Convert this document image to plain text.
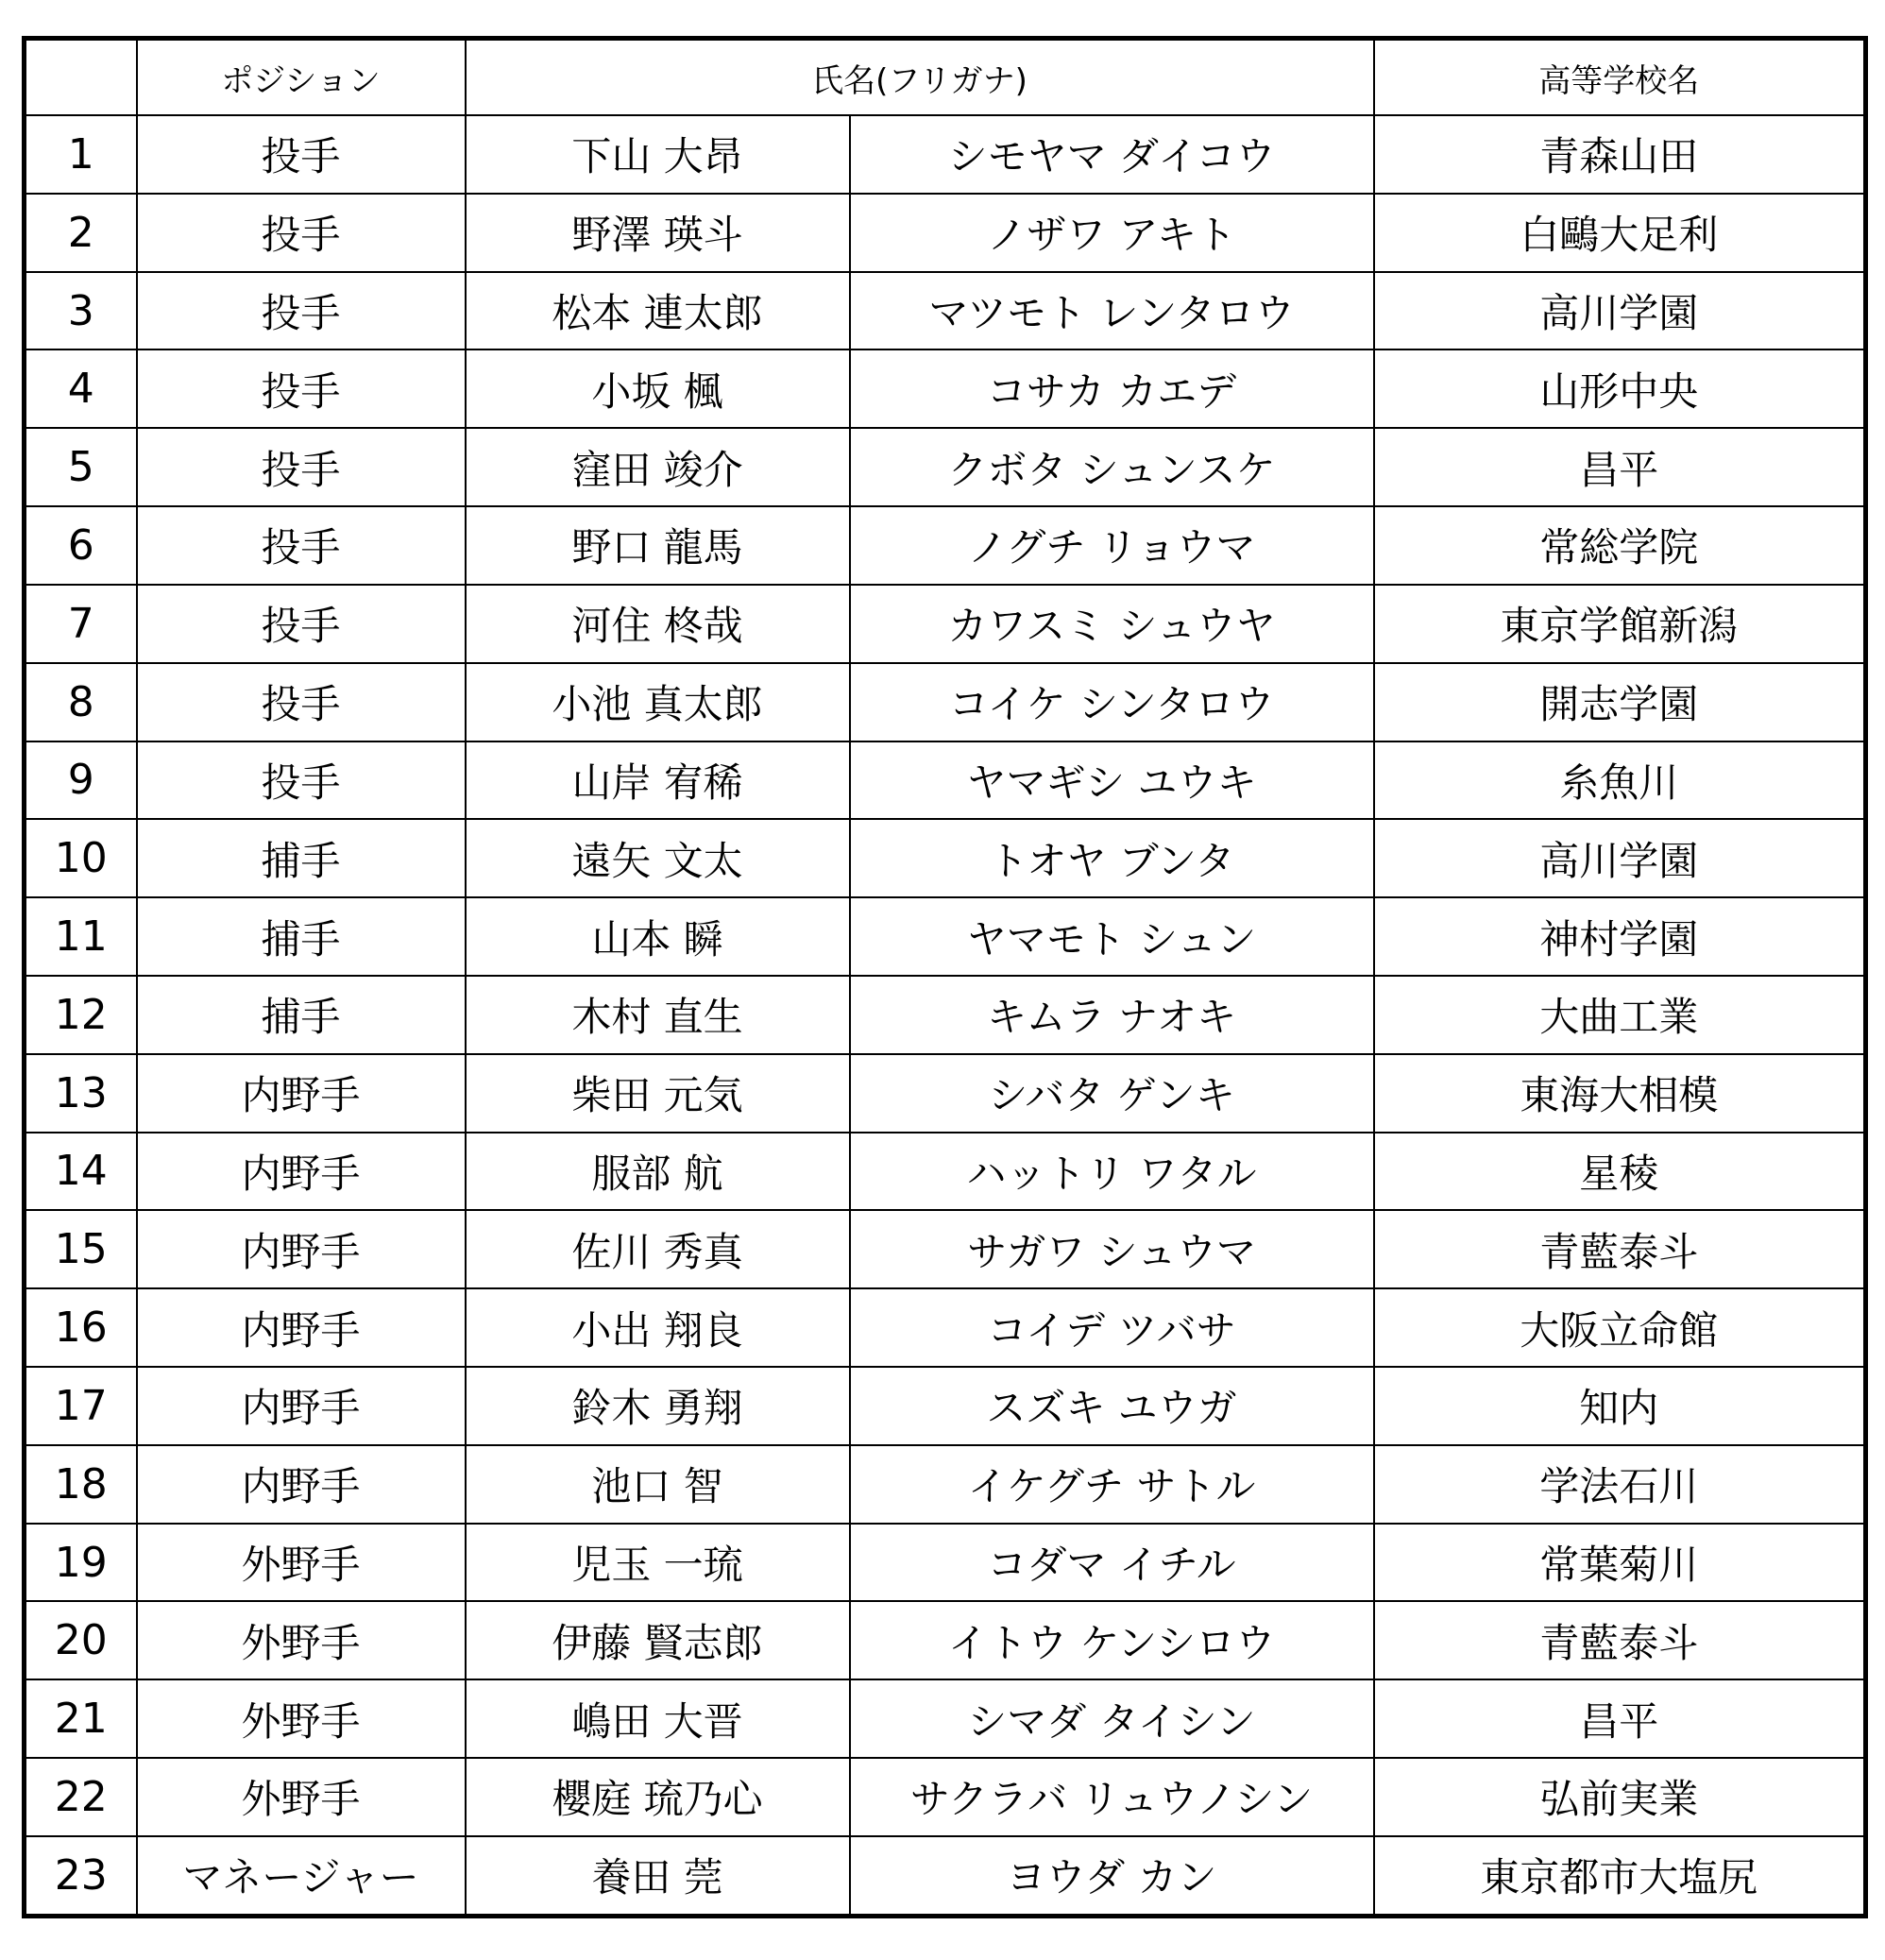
	ポジション	氏名(フリガナ)		高等学校名
1	投手	下山 大昂	シモヤマ ダイコウ	青森山田
2	投手	野澤 瑛斗	ノザワ アキト	白鷗大足利
3	投手	松本 連太郎	マツモト レンタロウ	高川学園
4	投手	小坂 楓	コサカ カエデ	山形中央
5	投手	窪田 竣介	クボタ シュンスケ	昌平
6	投手	野口 龍馬	ノグチ リョウマ	常総学院
7	投手	河住 柊哉	カワスミ シュウヤ	東京学館新潟
8	投手	小池 真太郎	コイケ シンタロウ	開志学園
9	投手	山岸 宥稀	ヤマギシ ユウキ	糸魚川
10	捕手	遠矢 文太	トオヤ ブンタ	高川学園
11	捕手	山本 瞬	ヤマモト シュン	神村学園
12	捕手	木村 直生	キムラ ナオキ	大曲工業
13	内野手	柴田 元気	シバタ ゲンキ	東海大相模
14	内野手	服部 航	ハットリ ワタル	星稜
15	内野手	佐川 秀真	サガワ シュウマ	青藍泰斗
16	内野手	小出 翔良	コイデ ツバサ	大阪立命館
17	内野手	鈴木 勇翔	スズキ ユウガ	知内
18	内野手	池口 智	イケグチ サトル	学法石川
19	外野手	児玉 一琉	コダマ イチル	常葉菊川
20	外野手	伊藤 賢志郎	イトウ ケンシロウ	青藍泰斗
21	外野手	嶋田 大晋	シマダ タイシン	昌平
22	外野手	櫻庭 琉乃心	サクラバ リュウノシン	弘前実業
23	マネージャー	養田 莞	ヨウダ カン	東京都市大塩尻
